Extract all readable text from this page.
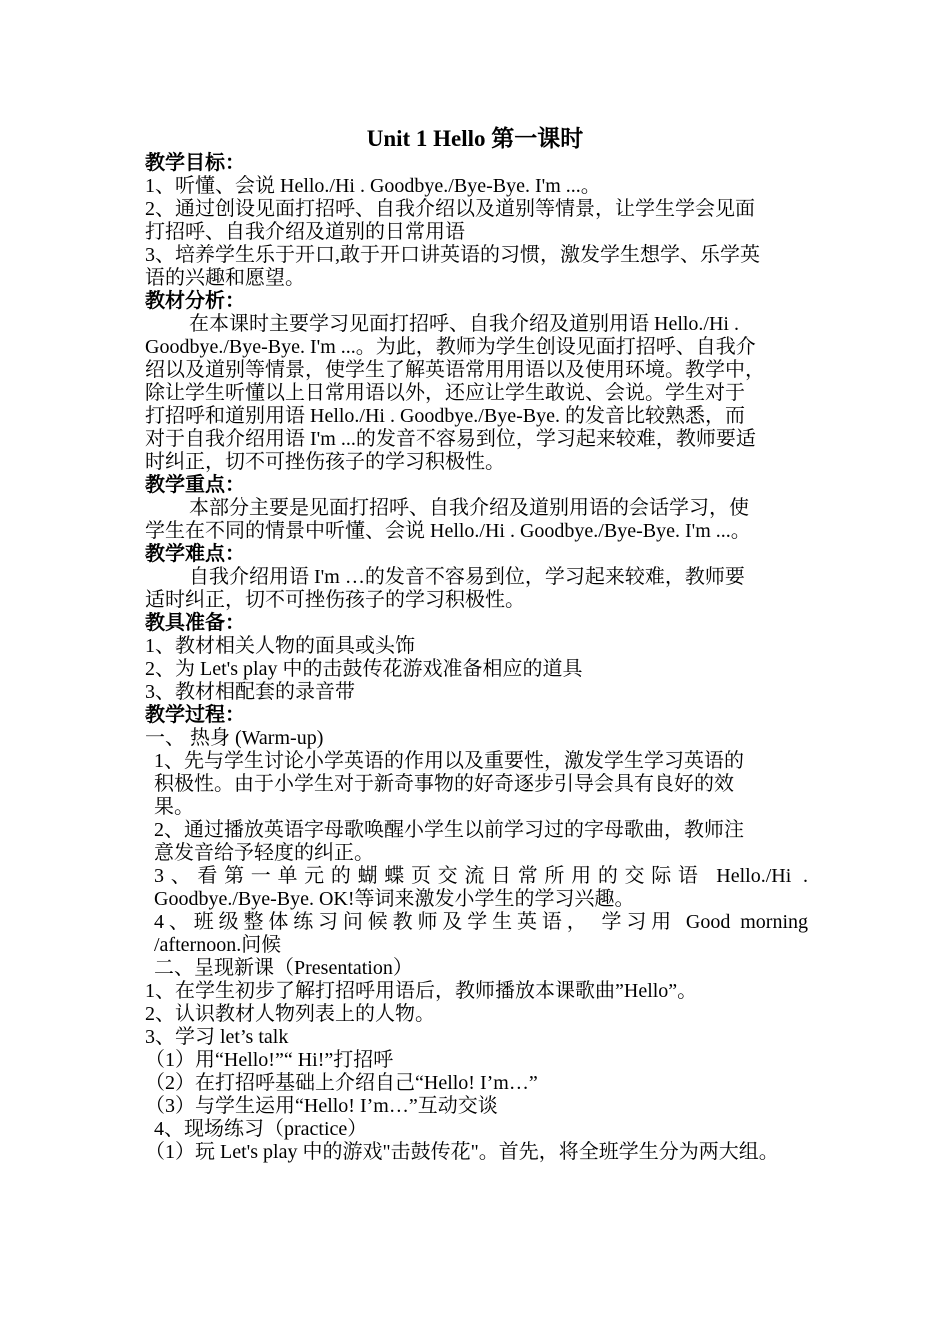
Unit 1 Hello 第一课时
教学目标：
1、听懂、会说 Hello./Hi . Goodbye./Bye-Bye. I'm ...。
2、通过创设见面打招呼、自我介绍以及道别等情景，让学生学会见面
打招呼、自我介绍及道别的日常用语
3、培养学生乐于开口,敢于开口讲英语的习惯，激发学生想学、乐学英
语的兴趣和愿望。
教材分析：
在本课时主要学习见面打招呼、自我介绍及道别用语 Hello./Hi .
Goodbye./Bye-Bye. I'm ...。为此，教师为学生创设见面打招呼、自我介
绍以及道别等情景，使学生了解英语常用用语以及使用环境。教学中，
除让学生听懂以上日常用语以外，还应让学生敢说、会说。学生对于
打招呼和道别用语 Hello./Hi . Goodbye./Bye-Bye. 的发音比较熟悉，而
对于自我介绍用语 I'm ...的发音不容易到位，学习起来较难，教师要适
时纠正，切不可挫伤孩子的学习积极性。
教学重点：
本部分主要是见面打招呼、自我介绍及道别用语的会话学习，使
学生在不同的情景中听懂、会说 Hello./Hi . Goodbye./Bye-Bye. I'm ...。
教学难点：
自我介绍用语 I'm …的发音不容易到位，学习起来较难，教师要
适时纠正，切不可挫伤孩子的学习积极性。
教具准备：
1、教材相关人物的面具或头饰
2、为 Let's play 中的击鼓传花游戏准备相应的道具
3、教材相配套的录音带
教学过程：
一、 热身 (Warm-up)
1、先与学生讨论小学英语的作用以及重要性，激发学生学习英语的
积极性。由于小学生对于新奇事物的好奇逐步引导会具有良好的效
果。
2、通过播放英语字母歌唤醒小学生以前学习过的字母歌曲，教师注
意发音给予轻度的纠正。
3、看第一单元的蝴蝶页交流日常所用的交际语 Hello./Hi .
Goodbye./Bye-Bye. OK!等词来激发小学生的学习兴趣。
4、班级整体练习问候教师及学生英语， 学习用 Good morning
/afternoon.问候
二、呈现新课（Presentation）
1、在学生初步了解打招呼用语后，教师播放本课歌曲”Hello”。
2、认识教材人物列表上的人物。
3、学习 let’s talk
（1）用“Hello!”“ Hi!”打招呼
（2）在打招呼基础上介绍自己“Hello! I’m…”
（3）与学生运用“Hello! I’m…”互动交谈
4、现场练习（practice）
（1）玩 Let's play 中的游戏"击鼓传花"。首先，将全班学生分为两大组。
